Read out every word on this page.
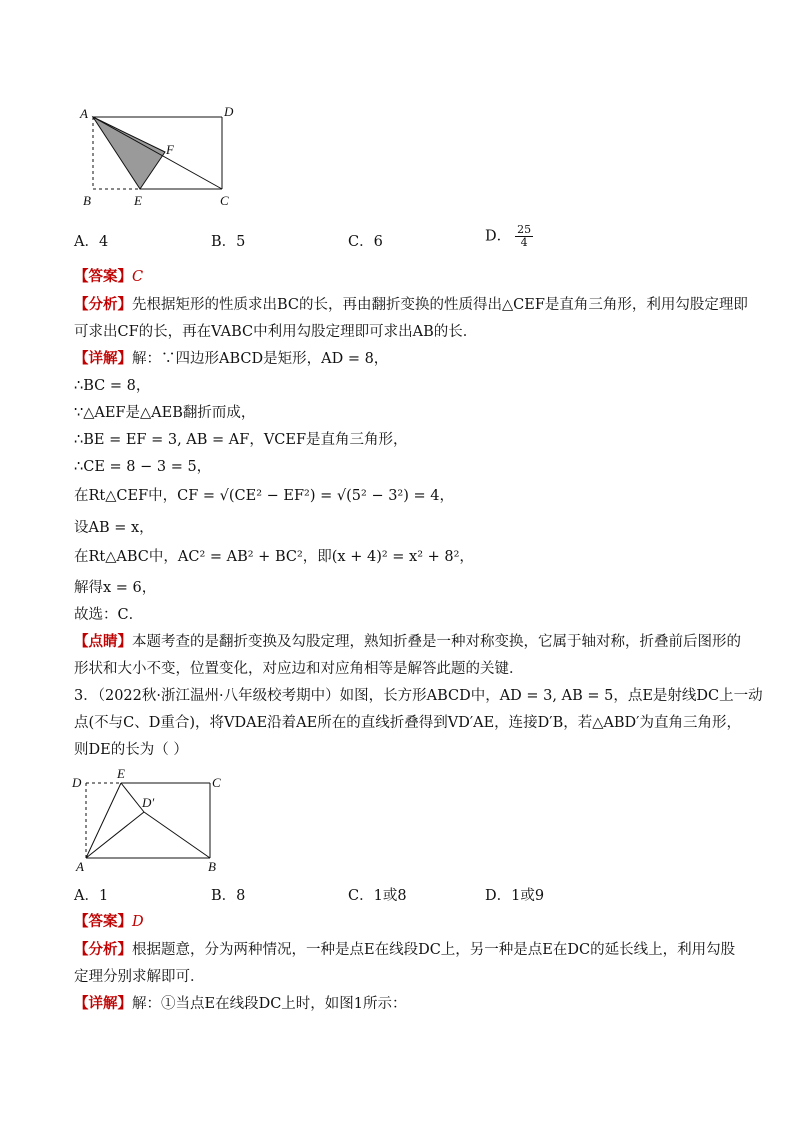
A	D
F
B	E	C
A．4	B．5	C．6	D． $\frac{25}{4}$
【答案】C
【分析】先根据矩形的性质求出BC的长，再由翻折变换的性质得出△CEF是直角三角形，利用勾股定理即
可求出CF的长，再在VABC中利用勾股定理即可求出AB的长．
【详解】解：∵四边形ABCD是矩形，AD = 8，
∴BC = 8，
∵△AEF是△AEB翻折而成，
∴BE = EF = 3, AB = AF，VCEF是直角三角形，
∴CE = 8 − 3 = 5，
在Rt△CEF中，CF = √(CE² − EF²) = √(5² − 3²) = 4，
设AB = x，
在Rt△ABC中，AC² = AB² + BC²，即(x + 4)² = x² + 8²，
解得x = 6，
故选：C．
【点睛】本题考查的是翻折变换及勾股定理，熟知折叠是一种对称变换，它属于轴对称，折叠前后图形的
形状和大小不变，位置变化，对应边和对应角相等是解答此题的关键．
3．（2022秋·浙江温州·八年级校考期中）如图，长方形ABCD中，AD = 3, AB = 5，点E是射线DC上一动
点(不与C、D重合)，将VDAE沿着AE所在的直线折叠得到VD′AE，连接D′B，若△ABD′为直角三角形，
则DE的长为（ ）
D
E
C
D′
A	B
A．1	B．8	C．1或8	D．1或9
【答案】D
【分析】根据题意，分为两种情况，一种是点E在线段DC上，另一种是点E在DC的延长线上，利用勾股
定理分别求解即可．
【详解】解：①当点E在线段DC上时，如图1所示：
